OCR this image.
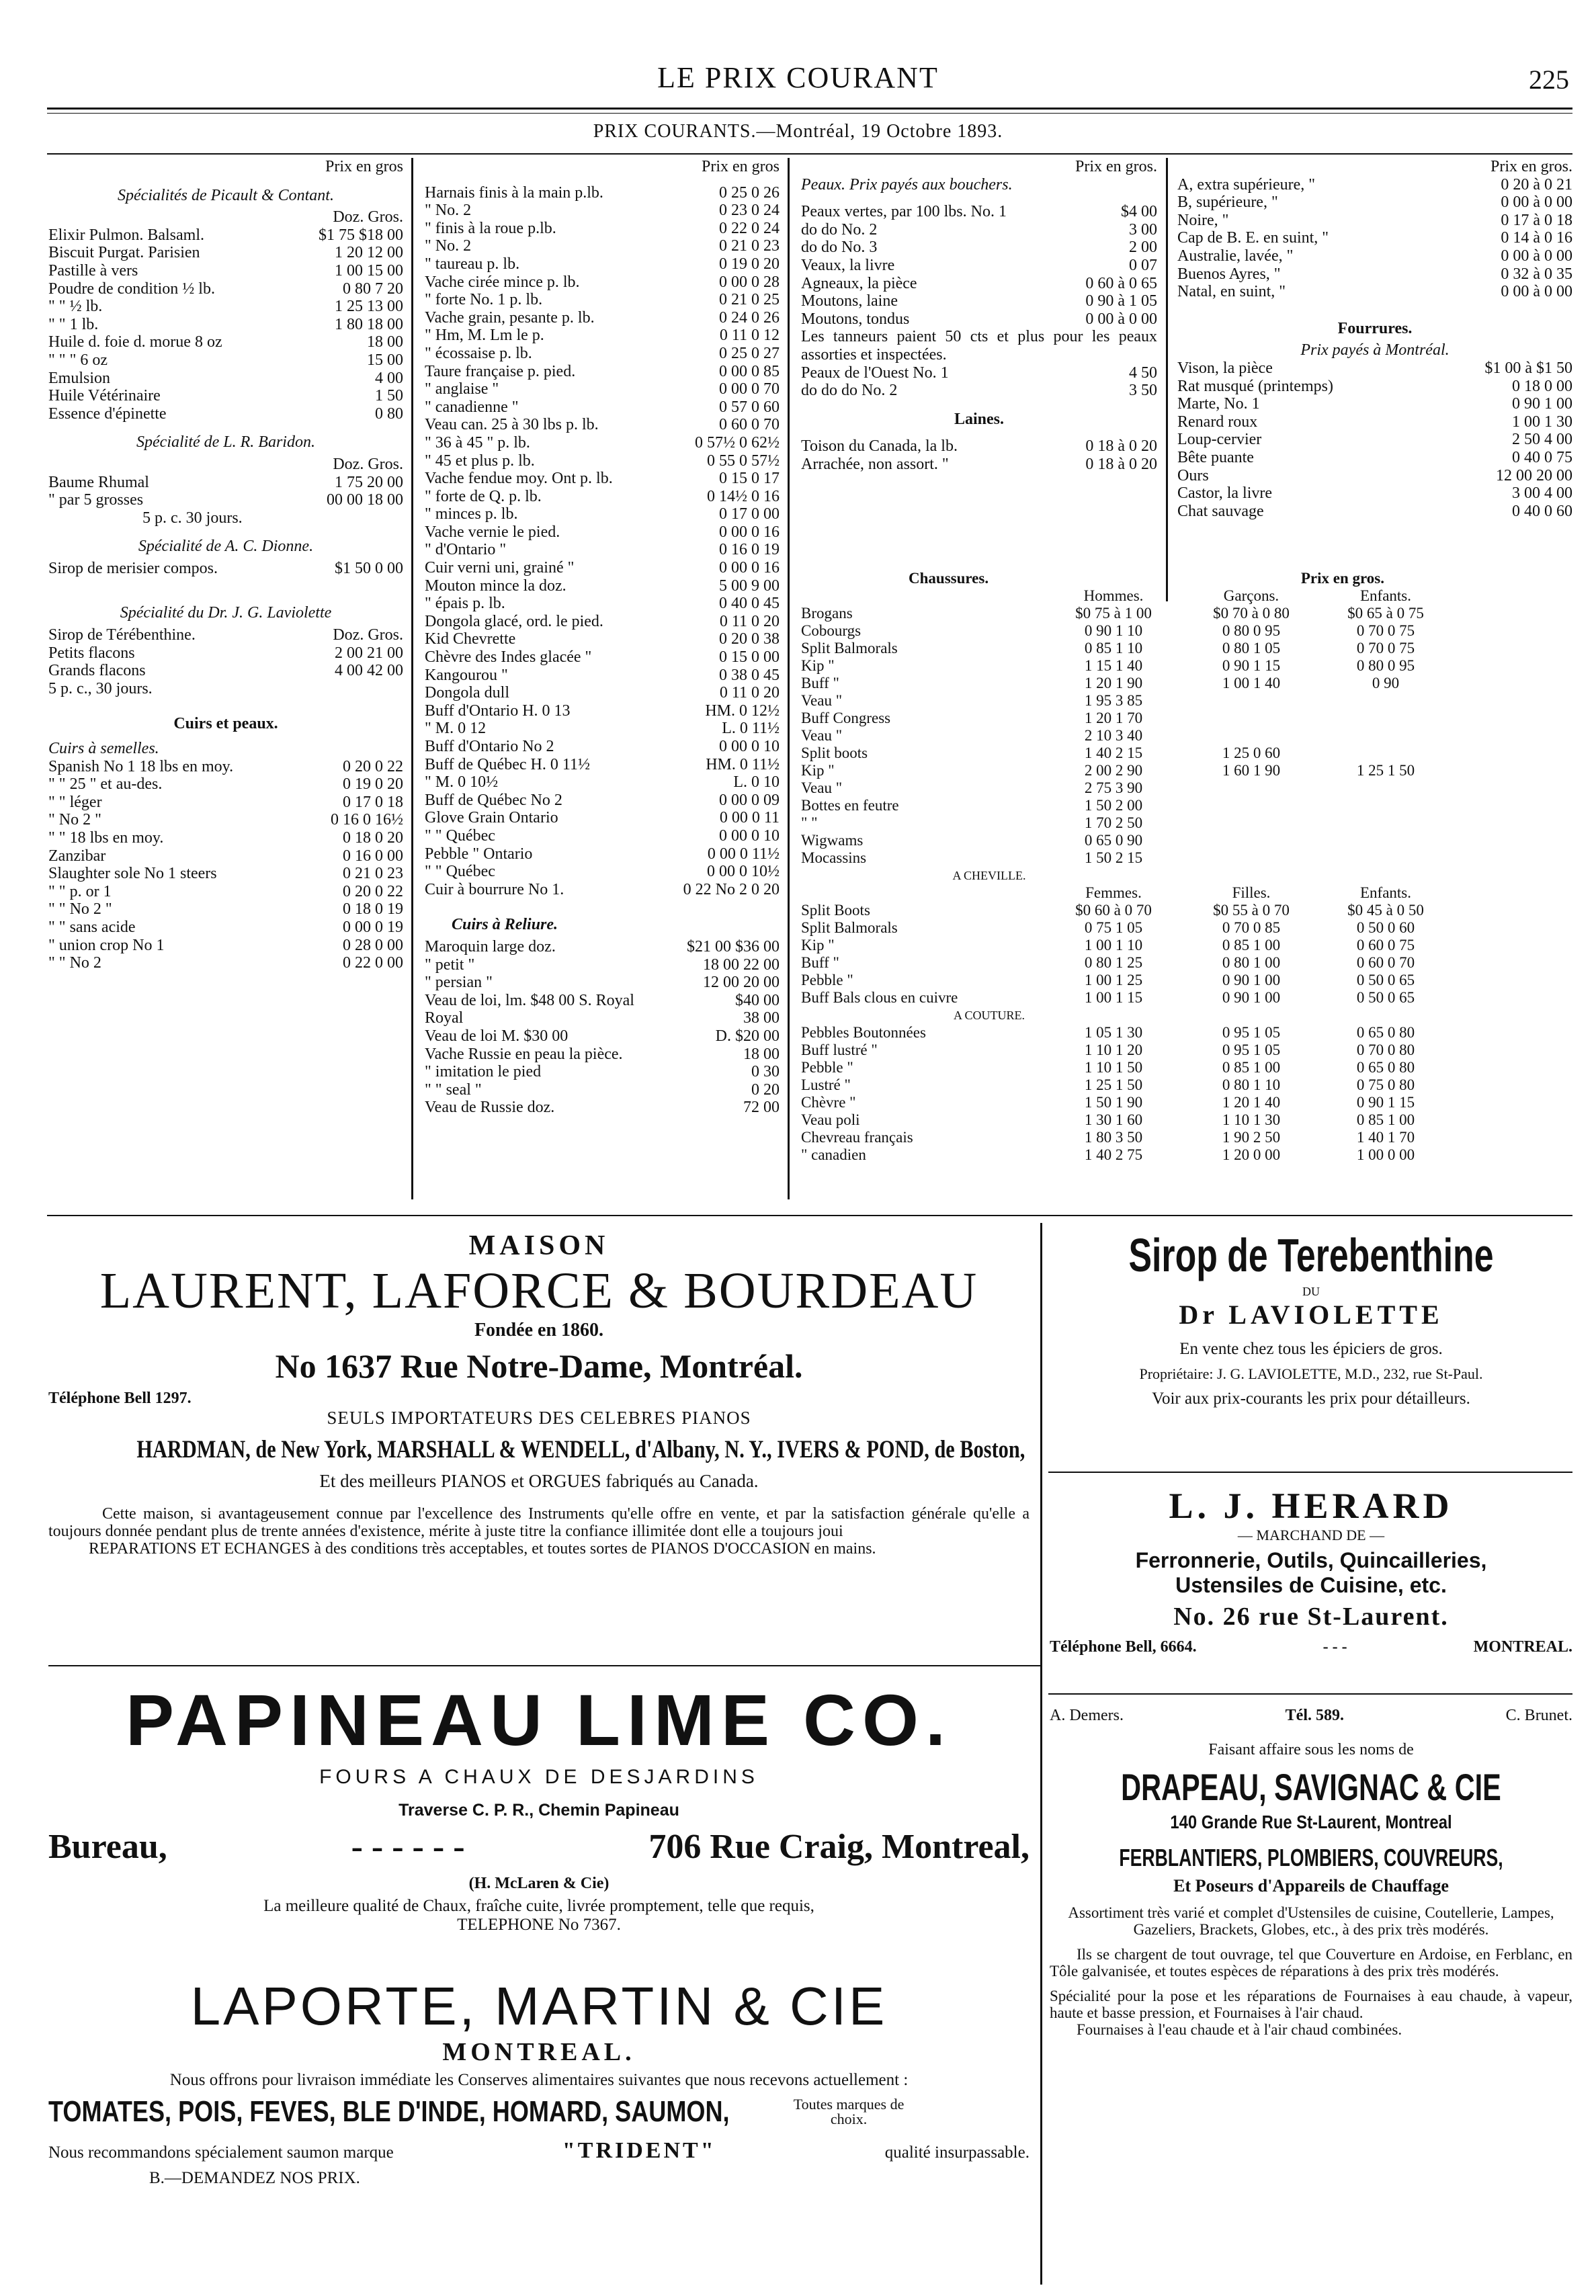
LE PRIX COURANT	225
PRIX COURANTS.—Montréal, 19 Octobre 1893.
Prix en gros
Spécialités de Picault & Contant.
Doz. Gros.
Elixir Pulmon. Balsaml.	$1 75 $18 00
Biscuit Purgat. Parisien	1 20 12 00
Pastille à vers	1 00 15 00
Poudre de condition ½ lb.	0 80 7 20
" " ½ lb.	1 25 13 00
" " 1 lb.	1 80 18 00
Huile d. foie d. morue 8 oz	18 00
" " " 6 oz	15 00
Emulsion	4 00
Huile Vétérinaire	1 50
Essence d'épinette	0 80
Spécialité de L. R. Baridon.
Doz. Gros.
Baume Rhumal	1 75 20 00
" par 5 grosses	00 00 18 00
5 p. c. 30 jours.
Spécialité de A. C. Dionne.
Sirop de merisier compos.	$1 50 0 00
Spécialité du Dr. J. G. Laviolette
Sirop de Térébenthine.	Doz. Gros.
Petits flacons	2 00 21 00
Grands flacons	4 00 42 00
5 p. c., 30 jours.
Cuirs et peaux.
Cuirs à semelles.
Spanish No 1 18 lbs en moy.	0 20 0 22
" " 25 " et au-des.	0 19 0 20
" " léger	0 17 0 18
" No 2 "	0 16 0 16½
" " 18 lbs en moy.	0 18 0 20
Zanzibar	0 16 0 00
Slaughter sole No 1 steers	0 21 0 23
" " p. or 1	0 20 0 22
" " No 2 "	0 18 0 19
" " sans acide	0 00 0 19
" union crop No 1	0 28 0 00
" " No 2	0 22 0 00
Prix en gros
Harnais finis à la main p.lb.	0 25 0 26
" No. 2	0 23 0 24
" finis à la roue p.lb.	0 22 0 24
" No. 2	0 21 0 23
" taureau p. lb.	0 19 0 20
Vache cirée mince p. lb.	0 00 0 28
" forte No. 1 p. lb.	0 21 0 25
Vache grain, pesante p. lb.	0 24 0 26
" Hm, M. Lm le p.	0 11 0 12
" écossaise p. lb.	0 25 0 27
Taure française p. pied.	0 00 0 85
" anglaise "	0 00 0 70
" canadienne "	0 57 0 60
Veau can. 25 à 30 lbs p. lb.	0 60 0 70
" 36 à 45 " p. lb.	0 57½ 0 62½
" 45 et plus p. lb.	0 55 0 57½
Vache fendue moy. Ont p. lb.	0 15 0 17
" forte de Q. p. lb.	0 14½ 0 16
" minces p. lb.	0 17 0 00
Vache vernie le pied.	0 00 0 16
" d'Ontario "	0 16 0 19
Cuir verni uni, grainé "	0 00 0 16
Mouton mince la doz.	5 00 9 00
" épais p. lb.	0 40 0 45
Dongola glacé, ord. le pied.	0 11 0 20
Kid Chevrette	0 20 0 38
Chèvre des Indes glacée "	0 15 0 00
Kangourou "	0 38 0 45
Dongola dull	0 11 0 20
Buff d'Ontario H. 0 13	HM. 0 12½
" M. 0 12	L. 0 11½
Buff d'Ontario No 2	0 00 0 10
Buff de Québec H. 0 11½	HM. 0 11½
" M. 0 10½	L. 0 10
Buff de Québec No 2	0 00 0 09
Glove Grain Ontario	0 00 0 11
" " Québec	0 00 0 10
Pebble " Ontario	0 00 0 11½
" " Québec	0 00 0 10½
Cuir à bourrure No 1.	0 22 No 2 0 20
Cuirs à Reliure.
Maroquin large doz.	$21 00 $36 00
" petit "	18 00 22 00
" persian "	12 00 20 00
Veau de loi, lm. $48 00 S. Royal	$40 00
Royal	38 00
Veau de loi M. $30 00	D. $20 00
Vache Russie en peau la pièce.	18 00
" imitation le pied	0 30
" " seal "	0 20
Veau de Russie doz.	72 00
Prix en gros.
Peaux. Prix payés aux bouchers.
Peaux vertes, par 100 lbs. No. 1	$4 00
do do No. 2	3 00
do do No. 3	2 00
Veaux, la livre	0 07
Agneaux, la pièce	0 60 à 0 65
Moutons, laine	0 90 à 1 05
Moutons, tondus	0 00 à 0 00
Les tanneurs paient 50 cts et plus pour les peaux assorties et inspectées.
Peaux de l'Ouest No. 1	4 50
do do do No. 2	3 50
Laines.
Toison du Canada, la lb.	0 18 à 0 20
Arrachée, non assort. "	0 18 à 0 20
Prix en gros.
A, extra supérieure, "	0 20 à 0 21
B, supérieure, "	0 00 à 0 00
Noire, "	0 17 à 0 18
Cap de B. E. en suint, "	0 14 à 0 16
Australie, lavée, "	0 00 à 0 00
Buenos Ayres, "	0 32 à 0 35
Natal, en suint, "	0 00 à 0 00
Fourrures.
Prix payés à Montréal.
Vison, la pièce	$1 00 à $1 50
Rat musqué (printemps)	0 18 0 00
Marte, No. 1	0 90 1 00
Renard roux	1 00 1 30
Loup-cervier	2 50 4 00
Bête puante	0 40 0 75
Ours	12 00 20 00
Castor, la livre	3 00 4 00
Chat sauvage	0 40 0 60
Chaussures.	Prix en gros.
Hommes.	Garçons.	Enfants.
Brogans	$0 75 à 1 00	$0 70 à 0 80	$0 65 à 0 75
Cobourgs	0 90 1 10	0 80 0 95	0 70 0 75
Split Balmorals	0 85 1 10	0 80 1 05	0 70 0 75
Kip "	1 15 1 40	0 90 1 15	0 80 0 95
Buff "	1 20 1 90	1 00 1 40	0 90
Veau "	1 95 3 85
Buff Congress	1 20 1 70
Veau "	2 10 3 40
Split boots	1 40 2 15	1 25 0 60
Kip "	2 00 2 90	1 60 1 90	1 25 1 50
Veau "	2 75 3 90
Bottes en feutre	1 50 2 00
" "	1 70 2 50
Wigwams	0 65 0 90
Mocassins	1 50 2 15
A CHEVILLE.
Femmes.	Filles.	Enfants.
Split Boots	$0 60 à 0 70	$0 55 à 0 70	$0 45 à 0 50
Split Balmorals	0 75 1 05	0 70 0 85	0 50 0 60
Kip "	1 00 1 10	0 85 1 00	0 60 0 75
Buff "	0 80 1 25	0 80 1 00	0 60 0 70
Pebble "	1 00 1 25	0 90 1 00	0 50 0 65
Buff Bals clous en cuivre	1 00 1 15	0 90 1 00	0 50 0 65
A COUTURE.
Pebbles Boutonnées	1 05 1 30	0 95 1 05	0 65 0 80
Buff lustré "	1 10 1 20	0 95 1 05	0 70 0 80
Pebble "	1 10 1 50	0 85 1 00	0 65 0 80
Lustré "	1 25 1 50	0 80 1 10	0 75 0 80
Chèvre "	1 50 1 90	1 20 1 40	0 90 1 15
Veau poli	1 30 1 60	1 10 1 30	0 85 1 00
Chevreau français	1 80 3 50	1 90 2 50	1 40 1 70
" canadien	1 40 2 75	1 20 0 00	1 00 0 00
MAISON
LAURENT, LAFORCE & BOURDEAU
Fondée en 1860.
No 1637 Rue Notre-Dame, Montréal.
Téléphone Bell 1297.
SEULS IMPORTATEURS DES CELEBRES PIANOS
HARDMAN, de New York, MARSHALL & WENDELL, d'Albany, N. Y., IVERS & POND, de Boston,
Et des meilleurs PIANOS et ORGUES fabriqués au Canada.
Cette maison, si avantageusement connue par l'excellence des Instruments qu'elle offre en vente, et par la satisfaction générale qu'elle a toujours donnée pendant plus de trente années d'existence, mérite à juste titre la confiance illimitée dont elle a toujours joui
REPARATIONS ET ECHANGES à des conditions très acceptables, et toutes sortes de PIANOS D'OCCASION en mains.
PAPINEAU LIME CO.
FOURS A CHAUX DE DESJARDINS
Traverse C. P. R., Chemin Papineau
Bureau,	- - - - - -	706 Rue Craig, Montreal,
(H. McLaren & Cie)
La meilleure qualité de Chaux, fraîche cuite, livrée promptement, telle que requis,
TELEPHONE No 7367.
LAPORTE, MARTIN & CIE
MONTREAL.
Nous offrons pour livraison immédiate les Conserves alimentaires suivantes que nous recevons actuellement :
TOMATES, POIS, FEVES, BLE D'INDE, HOMARD, SAUMON,	Toutes marques de choix.
Nous recommandons spécialement saumon marque	"TRIDENT"	qualité insurpassable.
B.—DEMANDEZ NOS PRIX.
Sirop de Terebenthine
DU
Dr LAVIOLETTE
En vente chez tous les épiciers de gros.
Propriétaire: J. G. LAVIOLETTE, M.D., 232, rue St-Paul.
Voir aux prix-courants les prix pour détailleurs.
L. J. HERARD
— MARCHAND DE —
Ferronnerie, Outils, Quincailleries,
Ustensiles de Cuisine, etc.
No. 26 rue St-Laurent.
Téléphone Bell, 6664.	- - -	MONTREAL.
A. Demers.	Tél. 589.	C. Brunet.
Faisant affaire sous les noms de
DRAPEAU, SAVIGNAC & CIE
140 Grande Rue St-Laurent, Montreal
FERBLANTIERS, PLOMBIERS, COUVREURS,
Et Poseurs d'Appareils de Chauffage
Assortiment très varié et complet d'Ustensiles de cuisine, Coutellerie, Lampes, Gazeliers, Brackets, Globes, etc., à des prix très modérés.
Ils se chargent de tout ouvrage, tel que Couverture en Ardoise, en Ferblanc, en Tôle galvanisée, et toutes espèces de réparations à des prix très modérés.
Spécialité pour la pose et les réparations de Fournaises à eau chaude, à vapeur, haute et basse pression, et Fournaises à l'air chaud.
Fournaises à l'eau chaude et à l'air chaud combinées.
